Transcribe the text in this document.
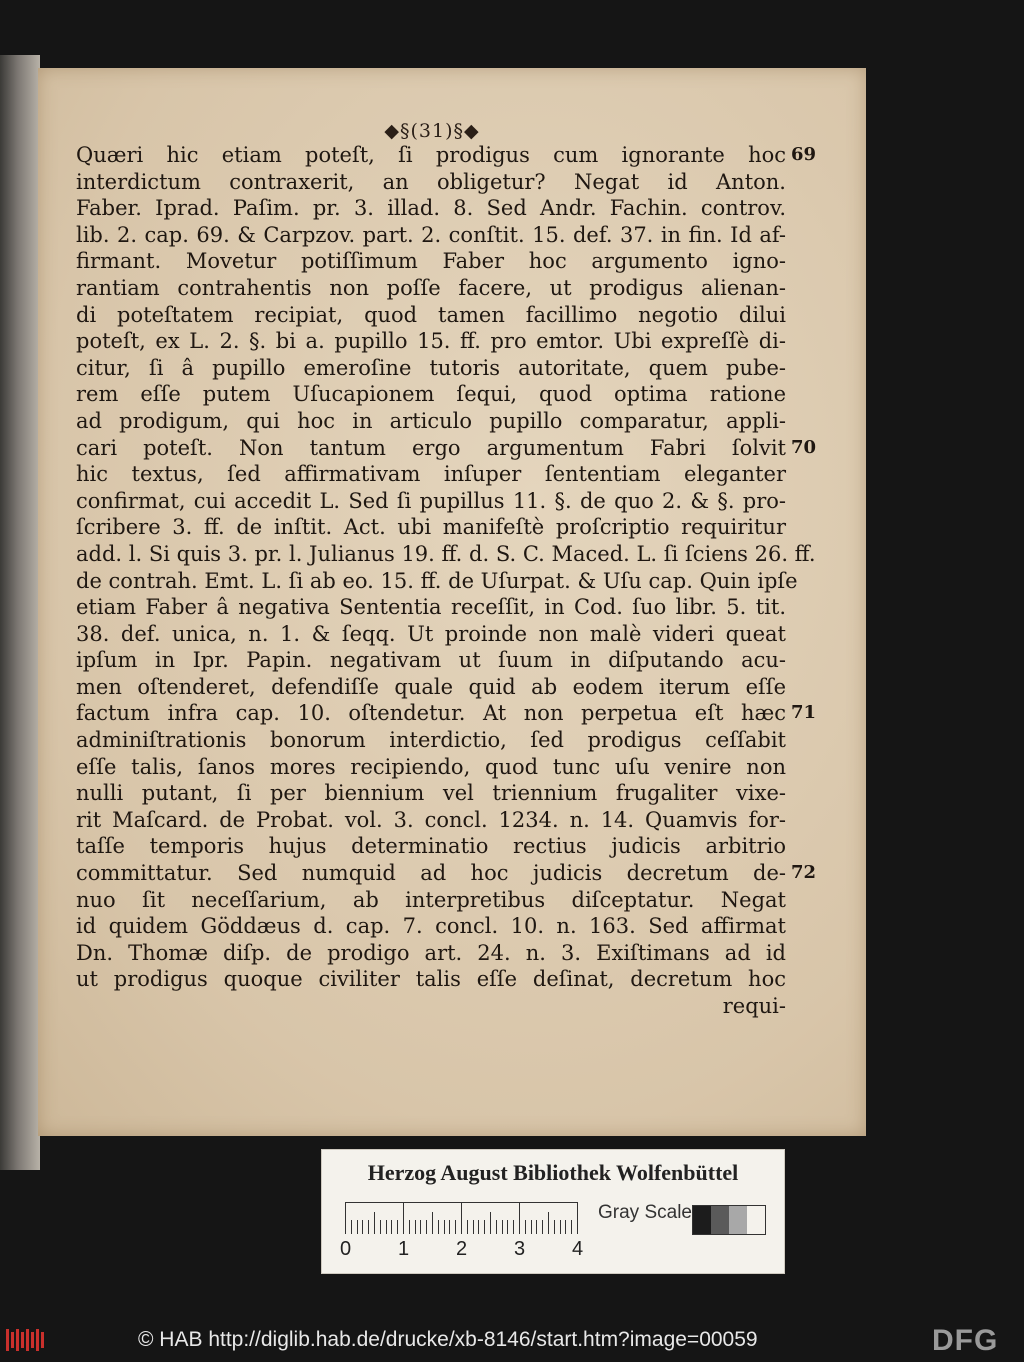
◆§(31)§◆
Quæri hic etiam poteſt, ſi prodigus cum ignorante hoc 69
interdictum contraxerit, an obligetur? Negat id Anton.
Faber. Iprad. Paſim. pr. 3. illad. 8. Sed Andr. Fachin. controv.
lib. 2. cap. 69. & Carpzov. part. 2. conſtit. 15. def. 37. in fin. Id af-
firmant. Movetur potiſſimum Faber hoc argumento igno-
rantiam contrahentis non poſſe facere, ut prodigus alienan-
di poteſtatem recipiat, quod tamen facillimo negotio dilui
poteſt, ex L. 2. §. bi a. pupillo 15. ff. pro emtor. Ubi expreſſè di-
citur, ſi â pupillo emeroſine tutoris autoritate, quem pube-
rem eſſe putem Uſucapionem ſequi, quod optima ratione
ad prodigum, qui hoc in articulo pupillo comparatur, appli-
cari poteſt. Non tantum ergo argumentum Fabri ſolvit 70
hic textus, ſed affirmativam inſuper ſententiam eleganter
confirmat, cui accedit L. Sed ſi pupillus 11. §. de quo 2. & §. pro-
ſcribere 3. ff. de inſtit. Act. ubi manifeſtè proſcriptio requiritur
add. l. Si quis 3. pr. l. Julianus 19. ff. d. S. C. Maced. L. ſi ſciens 26. ff.
de contrah. Emt. L. ſi ab eo. 15. ff. de Uſurpat. & Uſu cap. Quin ipſe
etiam Faber â negativa Sententia receſſit, in Cod. ſuo libr. 5. tit.
38. def. unica, n. 1. & ſeqq. Ut proinde non malè videri queat
ipſum in Ipr. Papin. negativam ut ſuum in diſputando acu-
men oſtenderet, defendiſſe quale quid ab eodem iterum eſſe
factum infra cap. 10. oſtendetur. At non perpetua eſt hæc 71
adminiſtrationis bonorum interdictio, ſed prodigus ceſſabit
eſſe talis, ſanos mores recipiendo, quod tunc uſu venire non
nulli putant, ſi per biennium vel triennium frugaliter vixe-
rit Maſcard. de Probat. vol. 3. concl. 1234. n. 14. Quamvis for-
taſſe temporis hujus determinatio rectius judicis arbitrio
committatur. Sed numquid ad hoc judicis decretum de- 72
nuo ſit neceſſarium, ab interpretibus diſceptatur. Negat
id quidem Göddæus d. cap. 7. concl. 10. n. 163. Sed affirmat
Dn. Thomæ diſp. de prodigo art. 24. n. 3. Exiſtimans ad id
ut prodigus quoque civiliter talis eſſe deſinat, decretum hoc
requi-
Herzog August Bibliothek Wolfenbüttel
0 1 2 3 4
Gray Scale
© HAB http://diglib.hab.de/drucke/xb-8146/start.htm?image=00059	DFG
